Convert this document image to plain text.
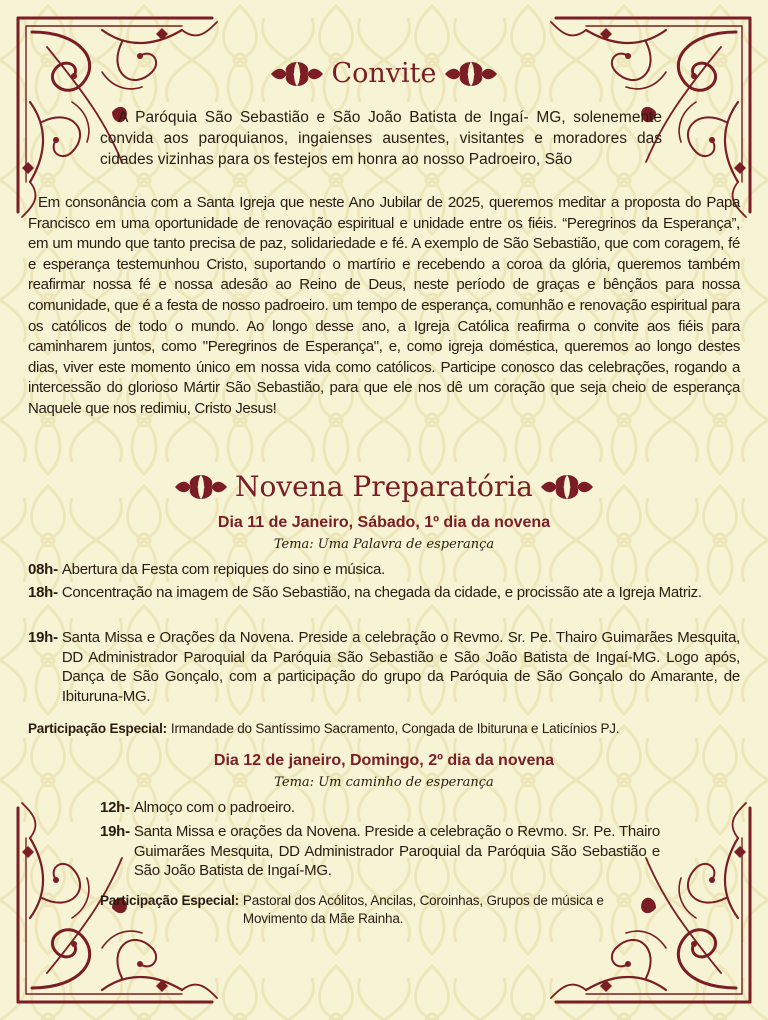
Convite

A Paróquia São Sebastião e São João Batista de Ingaí- MG, solenemente convida aos paroquianos, ingaienses ausentes, visitantes e moradores das cidades vizinhas para os festejos em honra ao nosso Padroeiro, São

Em consonância com a Santa Igreja que neste Ano Jubilar de 2025, queremos meditar a proposta do Papa Francisco em uma oportunidade de renovação espiritual e unidade entre os fiéis. “Peregrinos da Esperança”, em um mundo que tanto precisa de paz, solidariedade e fé. A exemplo de São Sebastião, que com coragem, fé e esperança testemunhou Cristo, suportando o martírio e recebendo a coroa da glória, queremos também reafirmar nossa fé e nossa adesão ao Reino de Deus, neste período de graças e bênçãos para nossa comunidade, que é a festa de nosso padroeiro. um tempo de esperança, comunhão e renovação espiritual para os católicos de todo o mundo. Ao longo desse ano, a Igreja Católica reafirma o convite aos fiéis para caminharem juntos, como "Peregrinos de Esperança", e, como igreja doméstica, queremos ao longo destes dias, viver este momento único em nossa vida como católicos. Participe conosco das celebrações, rogando a intercessão do glorioso Mártir São Sebastião, para que ele nos dê um coração que seja cheio de esperança Naquele que nos redimiu, Cristo Jesus!

Novena Preparatória
Dia 11 de Janeiro, Sábado, 1º dia da novena
Tema: Uma Palavra de esperança
08h- Abertura da Festa com repiques do sino e música.
18h- Concentração na imagem de São Sebastião, na chegada da cidade, e procissão ate a Igreja Matriz.
19h- Santa Missa e Orações da Novena. Preside a celebração o Revmo. Sr. Pe. Thairo Guimarães Mesquita, DD Administrador Paroquial da Paróquia São Sebastião e São João Batista de Ingaí-MG. Logo após, Dança de São Gonçalo, com a participação do grupo da Paróquia de São Gonçalo do Amarante, de Ibituruna-MG.
Participação Especial: Irmandade do Santíssimo Sacramento, Congada de Ibituruna e Laticínios PJ.
Dia 12 de janeiro, Domingo, 2º dia da novena
Tema: Um caminho de esperança
12h- Almoço com o padroeiro.
19h- Santa Missa e orações da Novena. Preside a celebração o Revmo. Sr. Pe. Thairo Guimarães Mesquita, DD Administrador Paroquial da Paróquia São Sebastião e São João Batista de Ingaí-MG.
Participação Especial: Pastoral dos Acólitos, Ancilas, Coroinhas, Grupos de música e Movimento da Mãe Rainha.
